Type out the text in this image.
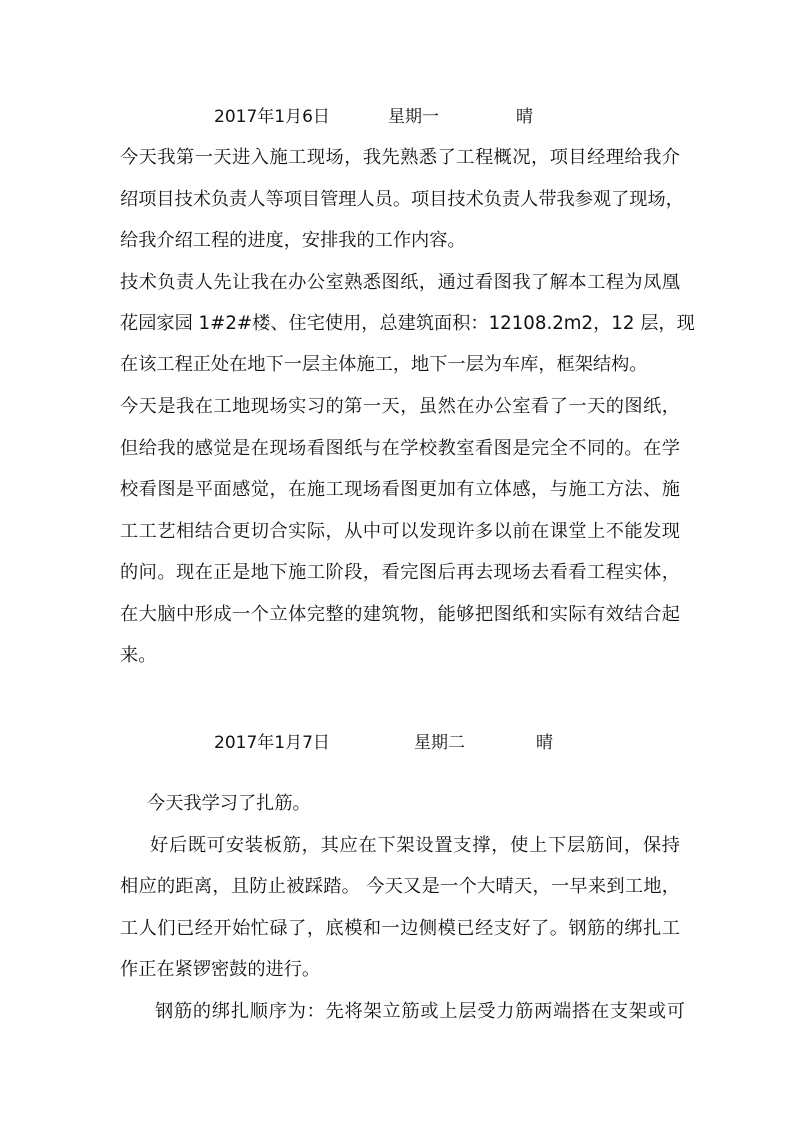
2017年1月6日	星期一	晴
今天我第一天进入施工现场，我先熟悉了工程概况，项目经理给我介
绍项目技术负责人等项目管理人员。项目技术负责人带我参观了现场，
给我介绍工程的进度，安排我的工作内容。
技术负责人先让我在办公室熟悉图纸，通过看图我了解本工程为凤凰
花园家园 1#2#楼、住宅使用，总建筑面积：12108.2m2，12 层，现
在该工程正处在地下一层主体施工，地下一层为车库，框架结构。
今天是我在工地现场实习的第一天，虽然在办公室看了一天的图纸，
但给我的感觉是在现场看图纸与在学校教室看图是完全不同的。在学
校看图是平面感觉，在施工现场看图更加有立体感，与施工方法、施
工工艺相结合更切合实际，从中可以发现许多以前在课堂上不能发现
的问。现在正是地下施工阶段，看完图后再去现场去看看工程实体，
在大脑中形成一个立体完整的建筑物，能够把图纸和实际有效结合起
来。
2017年1月7日	星期二	晴
今天我学习了扎筋。
好后既可安装板筋，其应在下架设置支撑，使上下层筋间，保持
相应的距离，且防止被踩踏。 今天又是一个大晴天，一早来到工地，
工人们已经开始忙碌了，底模和一边侧模已经支好了。钢筋的绑扎工
作正在紧锣密鼓的进行。
钢筋的绑扎顺序为：先将架立筋或上层受力筋两端搭在支架或可
